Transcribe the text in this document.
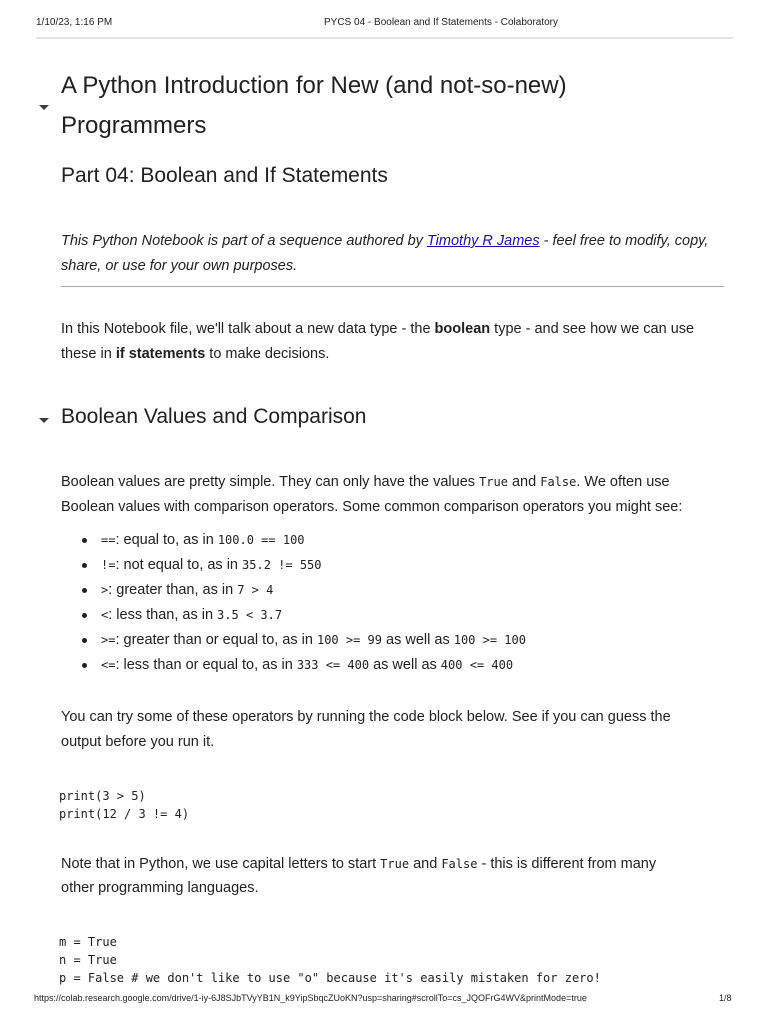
1/10/23, 1:16 PM	PYCS 04 - Boolean and If Statements - Colaboratory
A Python Introduction for New (and not-so-new)
Programmers
Part 04: Boolean and If Statements
This Python Notebook is part of a sequence authored by Timothy R James - feel free to modify, copy,
share, or use for your own purposes.
In this Notebook file, we'll talk about a new data type - the boolean type - and see how we can use
these in if statements to make decisions.
Boolean Values and Comparison
Boolean values are pretty simple. They can only have the values True and False. We often use
Boolean values with comparison operators. Some common comparison operators you might see:
==: equal to, as in 100.0 == 100
!=: not equal to, as in 35.2 != 550
>: greater than, as in 7 > 4
<: less than, as in 3.5 < 3.7
>=: greater than or equal to, as in 100 >= 99 as well as 100 >= 100
<=: less than or equal to, as in 333 <= 400 as well as 400 <= 400
You can try some of these operators by running the code block below. See if you can guess the
output before you run it.
print(3 > 5)
print(12 / 3 != 4)
Note that in Python, we use capital letters to start True and False - this is different from many
other programming languages.
m = True
n = True
p = False # we don't like to use "o" because it's easily mistaken for zero!
https://colab.research.google.com/drive/1-iy-6J8SJbTVyYB1N_k9YipSbqcZUoKN?usp=sharing#scrollTo=cs_JQOFrG4WV&printMode=true	1/8
